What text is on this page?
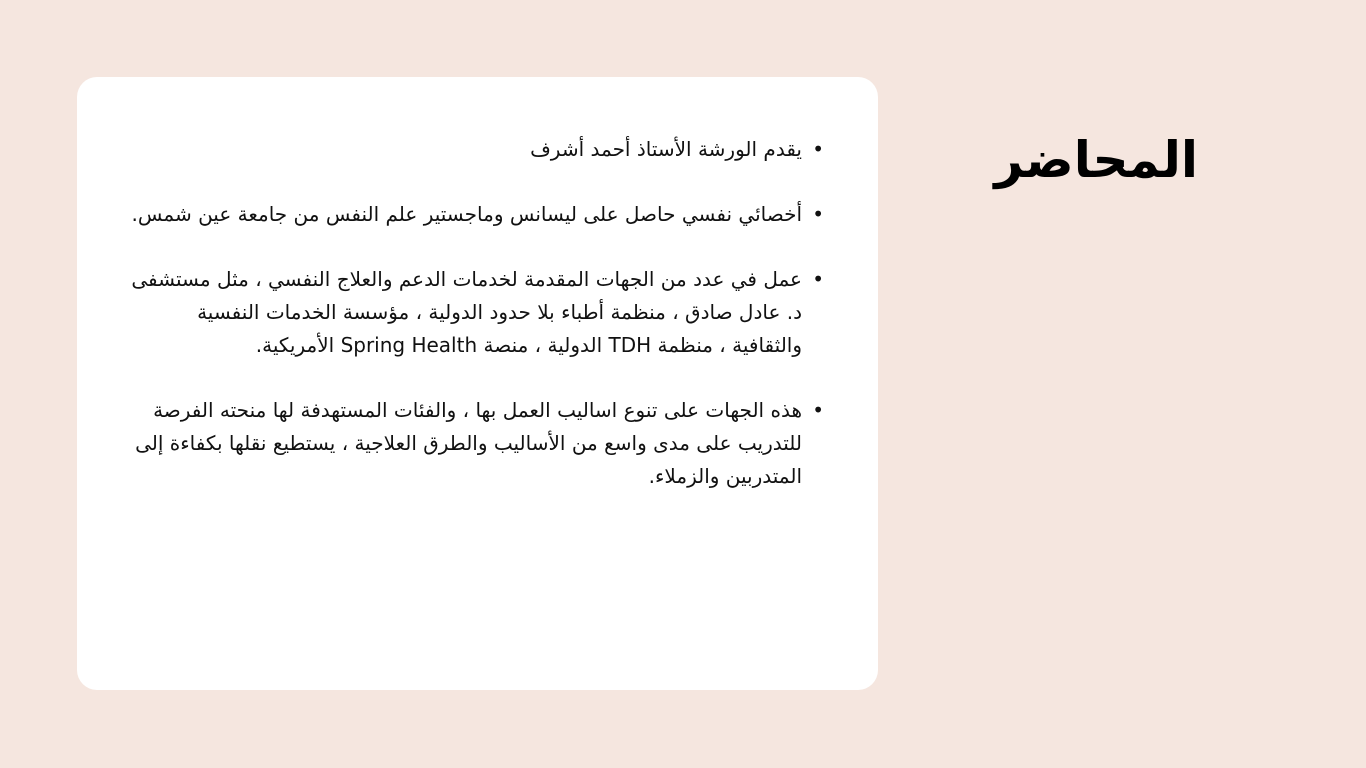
المحاضر
• يقدم الورشة الأستاذ أحمد أشرف
• أخصائي نفسي حاصل على ليسانس وماجستير علم النفس من جامعة عين شمس.
• عمل في عدد من الجهات المقدمة لخدمات الدعم والعلاج النفسي ، مثل مستشفى د. عادل صادق ، منظمة أطباء بلا حدود الدولية ، مؤسسة الخدمات النفسية والثقافية ، منظمة TDH الدولية ، منصة Spring Health الأمريكية.
• هذه الجهات على تنوع اساليب العمل بها ، والفئات المستهدفة لها منحته الفرصة للتدريب على مدى واسع من الأساليب والطرق العلاجية ، يستطيع نقلها بكفاءة إلى المتدربين والزملاء.
